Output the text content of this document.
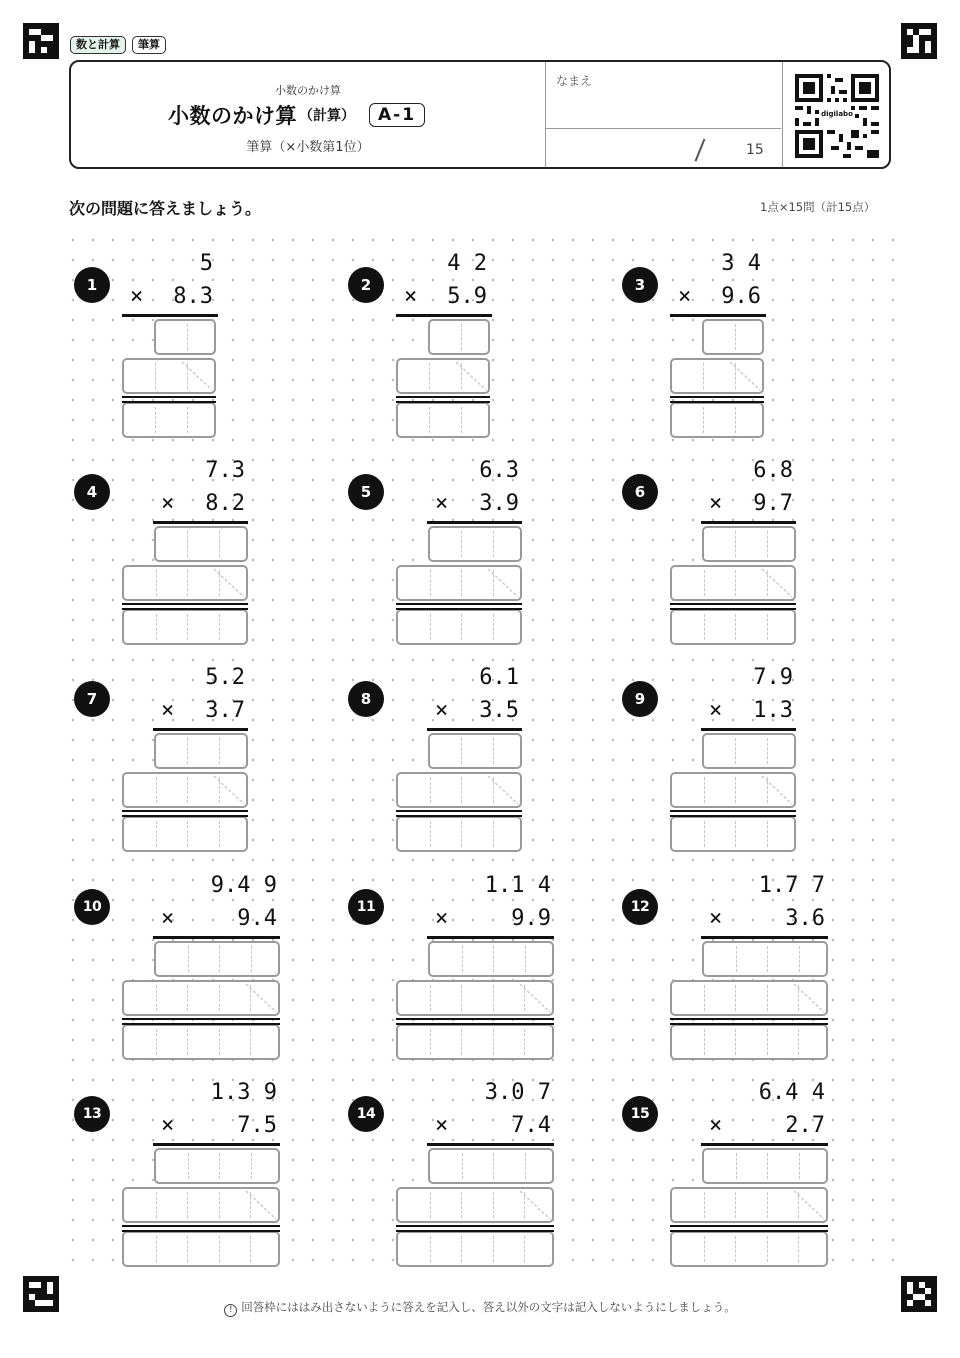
数と計算	筆算
小数のかけ算
小数のかけ算 （計算）	A-1
筆算（×小数第1位）
なまえ
15
digilabo
次の問題に答えましょう。	1点×15問（計15点）
1
5
× 8.3	2
4 2
× 5.9	3
3 4
× 9.6
4
7.3
× 8.2	5
6.3
× 3.9	6
6.8
× 9.7
7
5.2
× 3.7	8
6.1
× 3.5	9
7.9
× 1.3
10
9.4 9
×	9.4	11
1.1 4
×	9.9	12
1.7 7
×	3.6
13
1.3 9
×	7.5	14
3.0 7
×	7.4	15
6.4 4
×	2.7
! 回答枠にははみ出さないように答えを記入し、答え以外の文字は記入しないようにしましょう。
